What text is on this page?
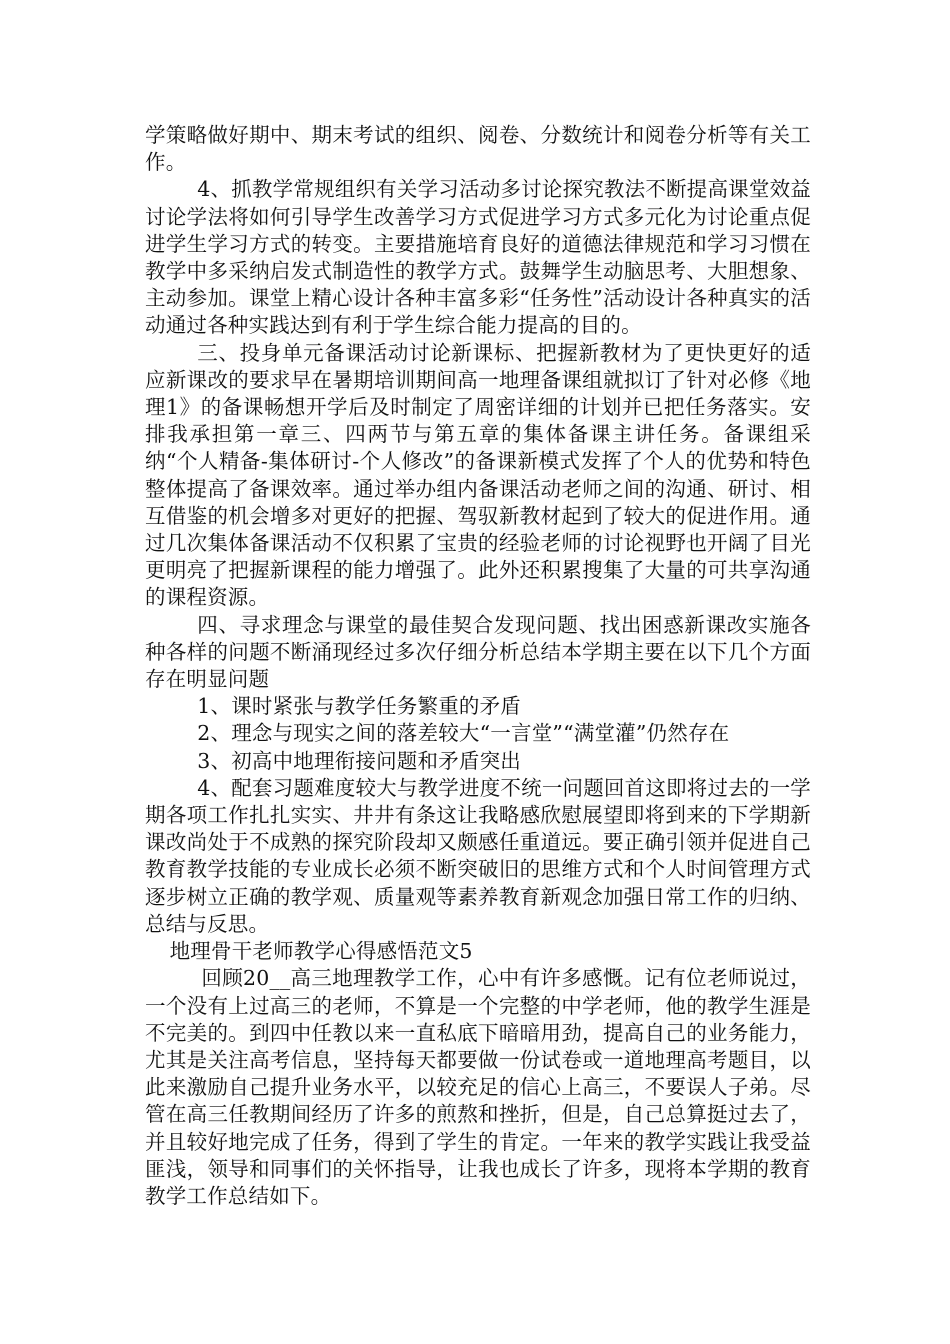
学策略做好期中、期末考试的组织、阅卷、分数统计和阅卷分析等有关工作。

4、抓教学常规组织有关学习活动多讨论探究教法不断提高课堂效益讨论学法将如何引导学生改善学习方式促进学习方式多元化为讨论重点促进学生学习方式的转变。主要措施培育良好的道德法律规范和学习习惯在教学中多采纳启发式制造性的教学方式。鼓舞学生动脑思考、大胆想象、主动参加。课堂上精心设计各种丰富多彩“任务性”活动设计各种真实的活动通过各种实践达到有利于学生综合能力提高的目的。

三、投身单元备课活动讨论新课标、把握新教材为了更快更好的适应新课改的要求早在暑期培训期间高一地理备课组就拟订了针对必修《地理1》的备课畅想开学后及时制定了周密详细的计划并已把任务落实。安排我承担第一章三、四两节与第五章的集体备课主讲任务。备课组采纳“个人精备-集体研讨-个人修改”的备课新模式发挥了个人的优势和特色整体提高了备课效率。通过举办组内备课活动老师之间的沟通、研讨、相互借鉴的机会增多对更好的把握、驾驭新教材起到了较大的促进作用。通过几次集体备课活动不仅积累了宝贵的经验老师的讨论视野也开阔了目光更明亮了把握新课程的能力增强了。此外还积累搜集了大量的可共享沟通的课程资源。

四、寻求理念与课堂的最佳契合发现问题、找出困惑新课改实施各种各样的问题不断涌现经过多次仔细分析总结本学期主要在以下几个方面存在明显问题

1、课时紧张与教学任务繁重的矛盾

2、理念与现实之间的落差较大“一言堂”“满堂灌”仍然存在

3、初高中地理衔接问题和矛盾突出

4、配套习题难度较大与教学进度不统一问题回首这即将过去的一学期各项工作扎扎实实、井井有条这让我略感欣慰展望即将到来的下学期新课改尚处于不成熟的探究阶段却又颇感任重道远。要正确引领并促进自己教育教学技能的专业成长必须不断突破旧的思维方式和个人时间管理方式逐步树立正确的教学观、质量观等素养教育新观念加强日常工作的归纳、总结与反思。

地理骨干老师教学心得感悟范文5

回顾20__高三地理教学工作，心中有许多感慨。记有位老师说过，一个没有上过高三的老师，不算是一个完整的中学老师，他的教学生涯是不完美的。到四中任教以来一直私底下暗暗用劲，提高自己的业务能力，尤其是关注高考信息，坚持每天都要做一份试卷或一道地理高考题目，以此来激励自己提升业务水平，以较充足的信心上高三，不要误人子弟。尽管在高三任教期间经历了许多的煎熬和挫折，但是，自己总算挺过去了，并且较好地完成了任务，得到了学生的肯定。一年来的教学实践让我受益匪浅，领导和同事们的关怀指导，让我也成长了许多，现将本学期的教育教学工作总结如下。
